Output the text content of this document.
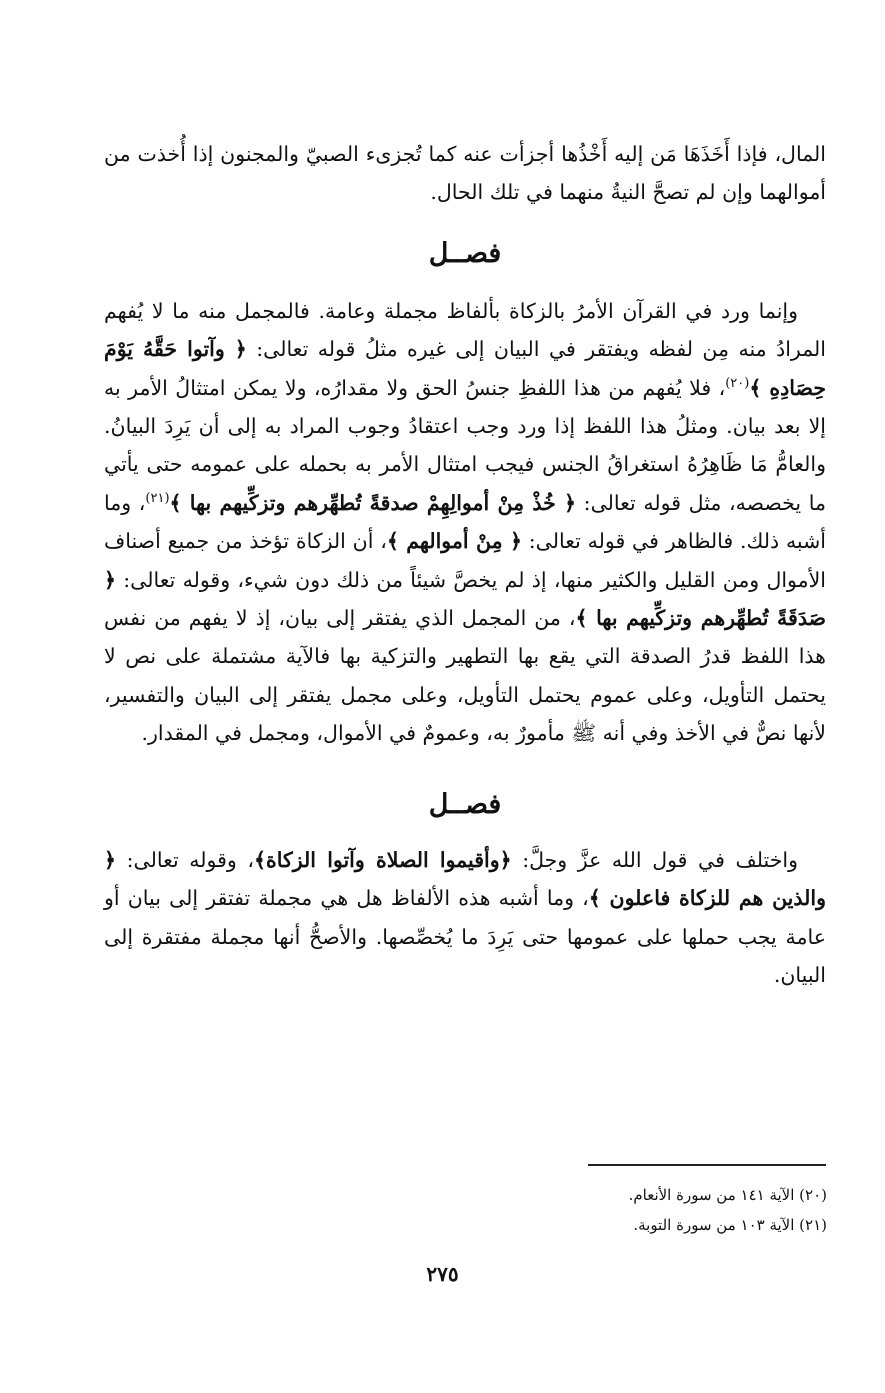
المال، فإذا أَخَذَهَا مَن إليه أَخْذُها أجزأت عنه كما تُجزىء الصبيّ والمجنون إذا أُخذت من أموالهما وإن لم تصحَّ النيةُ منهما في تلك الحال.

فصــل

وإنما ورد في القرآن الأمرُ بالزكاة بألفاظ مجملة وعامة. فالمجمل منه ما لا يُفهم المرادُ منه مِن لفظه ويفتقر في البيان إلى غيره مثلُ قوله تعالى: ﴿ وآتوا حَقَّهُ يَوْمَ حِصَادِهِ ﴾$^{(٢٠)}$، فلا يُفهم من هذا اللفظِ جنسُ الحق ولا مقدارُه، ولا يمكن امتثالُ الأمر به إلا بعد بيان. ومثلُ هذا اللفظ إذا ورد وجب اعتقادُ وجوب المراد به إلى أن يَرِدَ البيانُ. والعامُّ مَا ظَاهِرُهُ استغراقُ الجنس فيجب امتثال الأمر به بحمله على عمومه حتى يأتي ما يخصصه، مثل قوله تعالى: ﴿ خُذْ مِنْ أموالِهِمْ صدقةً تُطهِّرهم وتزكِّيهم بها ﴾$^{(٢١)}$، وما أشبه ذلك. فالظاهر في قوله تعالى: ﴿ مِنْ أموالهم ﴾، أن الزكاة تؤخذ من جميع أصناف الأموال ومن القليل والكثير منها، إذ لم يخصَّ شيئاً من ذلك دون شيء، وقوله تعالى: ﴿ صَدَقَةً تُطهِّرهم وتزكِّيهم بها ﴾، من المجمل الذي يفتقر إلى بيان، إذ لا يفهم من نفس هذا اللفظ قدرُ الصدقة التي يقع بها التطهير والتزكية بها فالآية مشتملة على نص لا يحتمل التأويل، وعلى عموم يحتمل التأويل، وعلى مجمل يفتقر إلى البيان والتفسير، لأنها نصٌّ في الأخذ وفي أنه ﷺ مأمورٌ به، وعمومٌ في الأموال، ومجمل في المقدار.

فصــل

واختلف في قول الله عزَّ وجلَّ: ﴿وأقيموا الصلاة وآتوا الزكاة﴾، وقوله تعالى: ﴿ والذين هم للزكاة فاعلون ﴾، وما أشبه هذه الألفاظ هل هي مجملة تفتقر إلى بيان أو عامة يجب حملها على عمومها حتى يَرِدَ ما يُخصِّصها. والأصحُّ أنها مجملة مفتقرة إلى البيان.

(٢٠) الآية ١٤١ من سورة الأنعام.

(٢١) الآية ١٠٣ من سورة التوبة.

٢٧٥
